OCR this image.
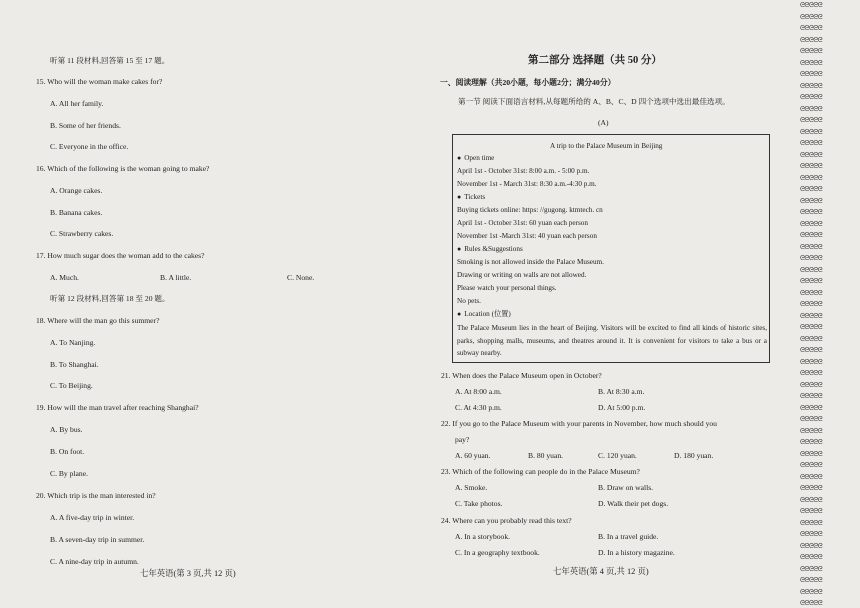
听第 11 段材料,回答第 15 至 17 题。
15. Who will the woman make cakes for?
A. All her family.
B. Some of her friends.
C. Everyone in the office.
16. Which of the following is the woman going to make?
A. Orange cakes.
B. Banana cakes.
C. Strawberry cakes.
17. How much sugar does the woman add to the cakes?
A. Much.	B. A little.	C. None.
听第 12 段材料,回答第 18 至 20 题。
18. Where will the man go this summer?
A. To Nanjing.
B. To Shanghai.
C. To Beijing.
19. How will the man travel after reaching Shanghai?
A. By bus.
B. On foot.
C. By plane.
20. Which trip is the man interested in?
A. A five-day trip in winter.
B. A seven-day trip in summer.
C. A nine-day trip in autumn.
七年英语(第 3 页,共 12 页)
第二部分 选择题（共 50 分）
一、阅读理解（共20小题，每小题2分；满分40分）
第一节 阅读下面语言材料,从每题所给的 A、B、C、D 四个选项中选出最佳选项。
(A)
A trip to the Palace Museum in Beijing
● Open time
April 1st - October 31st: 8:00 a.m. - 5:00 p.m.
November 1st - March 31st: 8:30 a.m.-4:30 p.m.
● Tickets
Buying tickets online: https: //gugong. ktmtech. cn
April 1st - October 31st: 60 yuan each person
November 1st -March 31st: 40 yuan each person
● Rules &Suggestions
Smoking is not allowed inside the Palace Museum.
Drawing or writing on walls are not allowed.
Please watch your personal things.
No pets.
● Location (位置)
The Palace Museum lies in the heart of Beijing. Visitors will be excited to find all kinds of historic sites, parks, shopping malls, museums, and theatres around it. It is convenient for visitors to take a bus or a subway nearby.
21. When does the Palace Museum open in October?
A. At 8:00 a.m.	B. At 8:30 a.m.
C. At 4:30 p.m.	D. At 5:00 p.m.
22. If you go to the Palace Museum with your parents in November, how much should you
pay?
A. 60 yuan.	B. 80 yuan.	C. 120 yuan.	D. 180 yuan.
23. Which of the following can people do in the Palace Museum?
A. Smoke.	B. Draw on walls.
C. Take photos.	D. Walk their pet dogs.
24. Where can you probably read this text?
A. In a storybook.	B. In a travel guide.
C. In a geography textbook.	D. In a history magazine.
七年英语(第 4 页,共 12 页)
ᘓᘓᘓᘓᘓ
ᘓᘓᘓᘓᘓ
ᘓᘓᘓᘓᘓ
ᘓᘓᘓᘓᘓ
ᘓᘓᘓᘓᘓ
ᘓᘓᘓᘓᘓ
ᘓᘓᘓᘓᘓ
ᘓᘓᘓᘓᘓ
ᘓᘓᘓᘓᘓ
ᘓᘓᘓᘓᘓ
ᘓᘓᘓᘓᘓ
ᘓᘓᘓᘓᘓ
ᘓᘓᘓᘓᘓ
ᘓᘓᘓᘓᘓ
ᘓᘓᘓᘓᘓ
ᘓᘓᘓᘓᘓ
ᘓᘓᘓᘓᘓ
ᘓᘓᘓᘓᘓ
ᘓᘓᘓᘓᘓ
ᘓᘓᘓᘓᘓ
ᘓᘓᘓᘓᘓ
ᘓᘓᘓᘓᘓ
ᘓᘓᘓᘓᘓ
ᘓᘓᘓᘓᘓ
ᘓᘓᘓᘓᘓ
ᘓᘓᘓᘓᘓ
ᘓᘓᘓᘓᘓ
ᘓᘓᘓᘓᘓ
ᘓᘓᘓᘓᘓ
ᘓᘓᘓᘓᘓ
ᘓᘓᘓᘓᘓ
ᘓᘓᘓᘓᘓ
ᘓᘓᘓᘓᘓ
ᘓᘓᘓᘓᘓ
ᘓᘓᘓᘓᘓ
ᘓᘓᘓᘓᘓ
ᘓᘓᘓᘓᘓ
ᘓᘓᘓᘓᘓ
ᘓᘓᘓᘓᘓ
ᘓᘓᘓᘓᘓ
ᘓᘓᘓᘓᘓ
ᘓᘓᘓᘓᘓ
ᘓᘓᘓᘓᘓ
ᘓᘓᘓᘓᘓ
ᘓᘓᘓᘓᘓ
ᘓᘓᘓᘓᘓ
ᘓᘓᘓᘓᘓ
ᘓᘓᘓᘓᘓ
ᘓᘓᘓᘓᘓ
ᘓᘓᘓᘓᘓ
ᘓᘓᘓᘓᘓ
ᘓᘓᘓᘓᘓ
ᘓᘓᘓᘓᘓ
